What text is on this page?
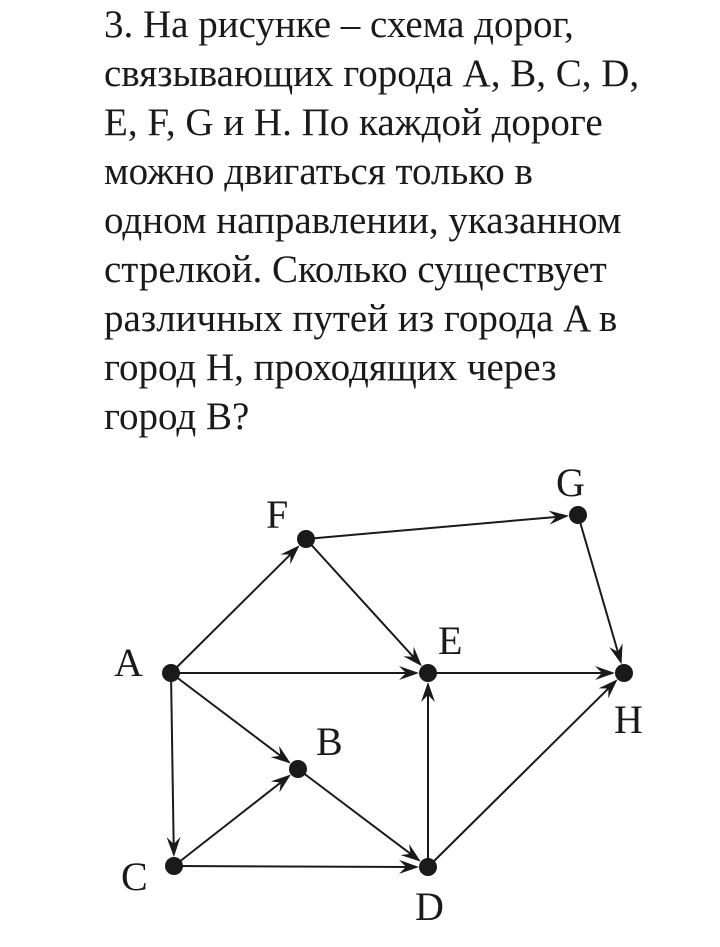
3. На рисунке – схема дорог,
связывающих города A, B, C, D,
E, F, G и H. По каждой дороге
можно двигаться только в
одном направлении, указанном
стрелкой. Сколько существует
различных путей из города A в
город H, проходящих через
город B?
A
B
C
D
E
F
G
H
